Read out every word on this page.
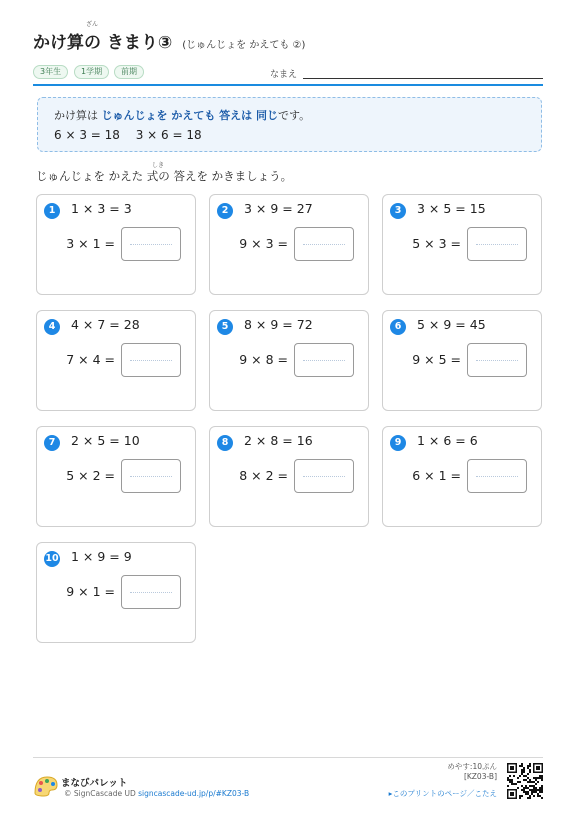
かけ算の きまり③
ざん
(じゅんじょを かえても ②)
3年生	1学期	前期	なまえ
かけ算は じゅんじょを かえても 答えは 同じです。
6 × 3 = 18　 3 × 6 = 18
じゅんじょを かえた 式の 答えを かきましょう。
しき
1	1 × 3 = 3
3 × 1 =
2	3 × 9 = 27
9 × 3 =
3	3 × 5 = 15
5 × 3 =
4	4 × 7 = 28
7 × 4 =
5	8 × 9 = 72
9 × 8 =
6	5 × 9 = 45
9 × 5 =
7	2 × 5 = 10
5 × 2 =
8	2 × 8 = 16
8 × 2 =
9	1 × 6 = 6
6 × 1 =
10 1 × 9 = 9
9 × 1 =
まなびパレット
© SignCascade UD signcascade-ud.jp/p/#KZ03-B
めやす:10ぷん
[KZ03-B]
▸このプリントのページ／こたえ
